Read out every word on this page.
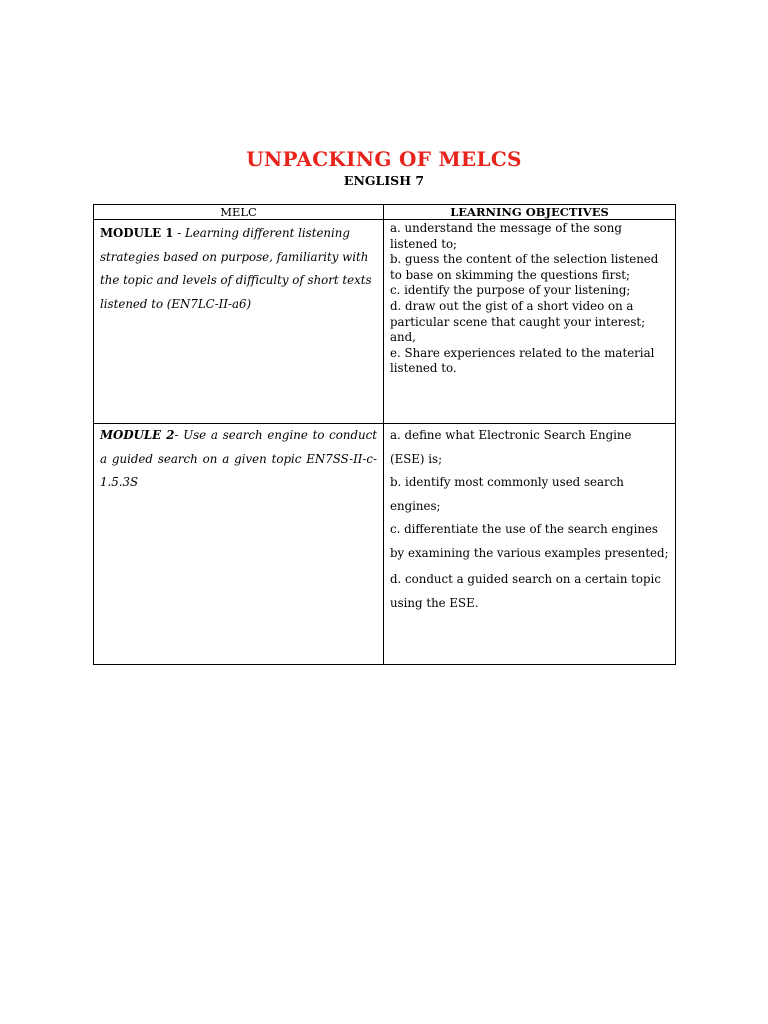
UNPACKING OF MELCS
ENGLISH 7
MELC	LEARNING OBJECTIVES
MODULE 1 - Learning different listening strategies based on purpose, familiarity with the topic and levels of difficulty of short texts listened to (EN7LC-II-a6)	a. understand the message of the song listened to;
b. guess the content of the selection listened to base on skimming the questions first;
c. identify the purpose of your listening;
d. draw out the gist of a short video on a particular scene that caught your interest; and,
e. Share experiences related to the material listened to.

MODULE 2- Use a search engine to conduct a guided search on a given topic EN7SS-II-c-1.5.3S	a. define what Electronic Search Engine (ESE) is;
b. identify most commonly used search engines;
c. differentiate the use of the search engines by examining the various examples presented;
d. conduct a guided search on a certain topic using the ESE.
